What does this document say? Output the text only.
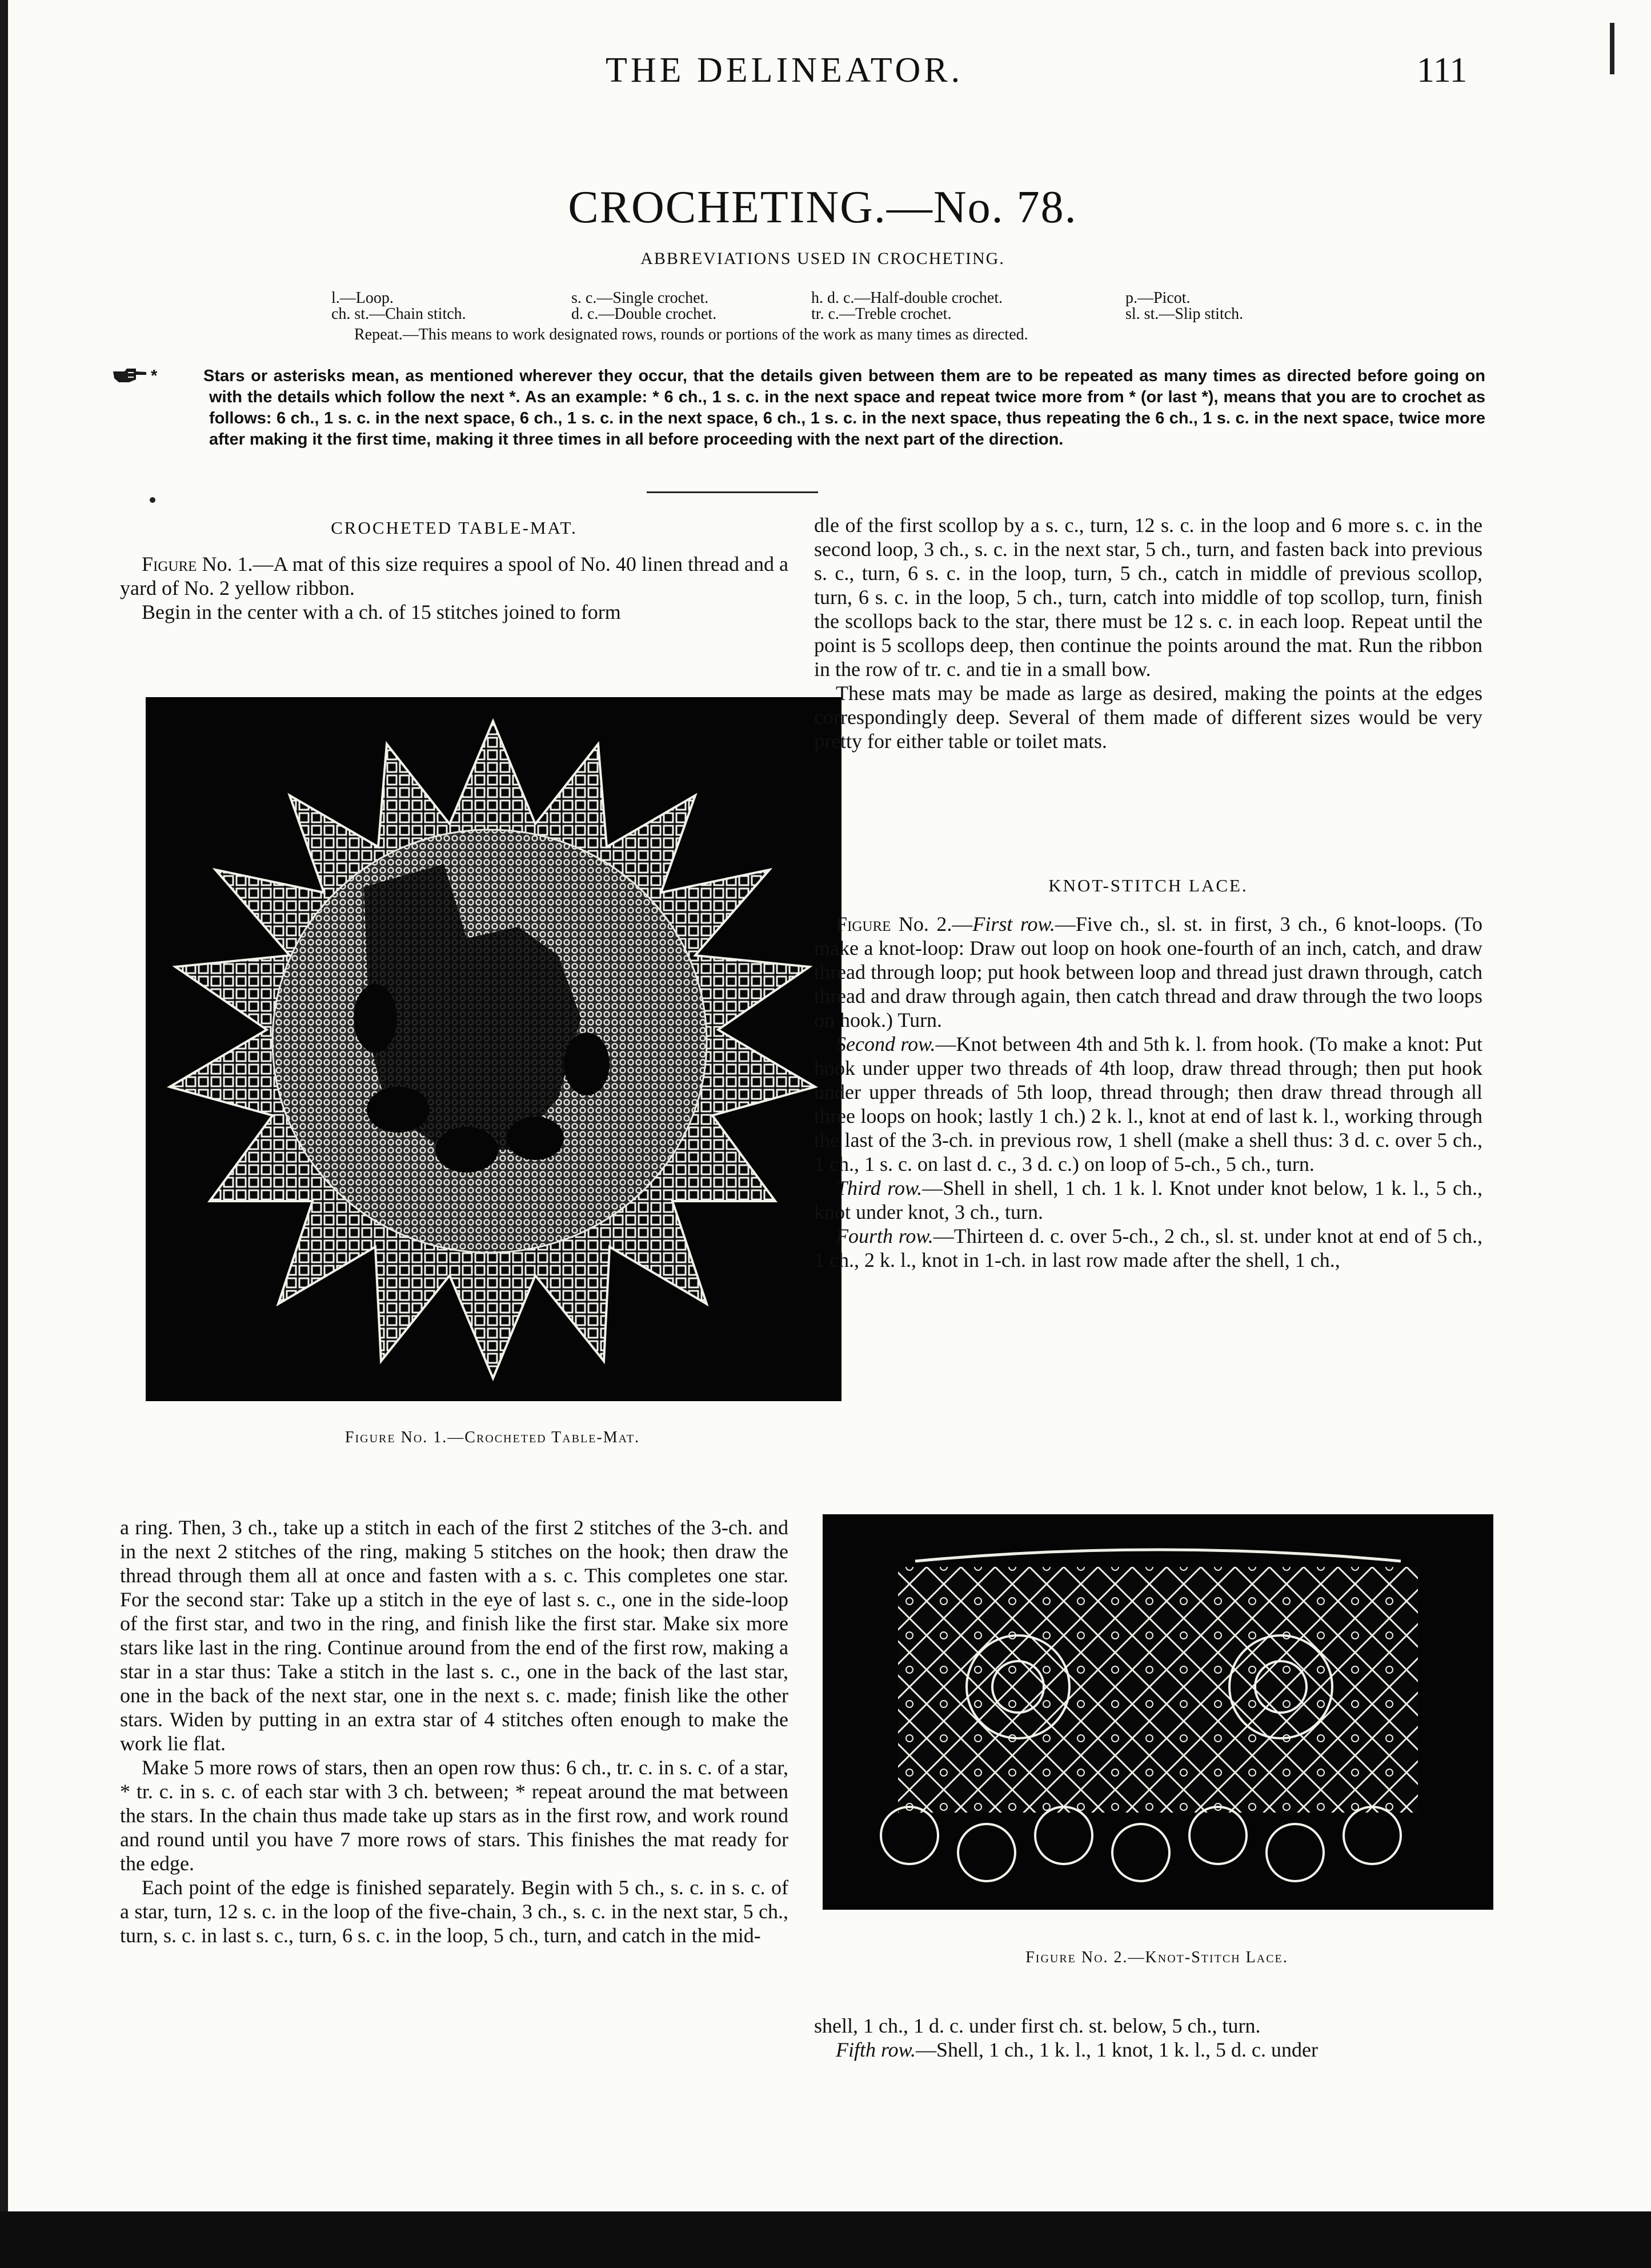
THE DELINEATOR.	111
CROCHETING.—No. 78.
ABBREVIATIONS USED IN CROCHETING.
l.—Loop.	s. c.—Single crochet.	h. d. c.—Half-double crochet.	p.—Picot.
ch. st.—Chain stitch.	d. c.—Double crochet.	tr. c.—Treble crochet.	sl. st.—Slip stitch.
Repeat.—This means to work designated rows, rounds or portions of the work as many times as directed.
*	Stars or asterisks mean, as mentioned wherever they occur, that the details given between them are to be repeated as many times as directed before going on with the details which follow the next *. As an example: * 6 ch., 1 s. c. in the next space and repeat twice more from * (or last *), means that you are to crochet as follows: 6 ch., 1 s. c. in the next space, 6 ch., 1 s. c. in the next space, 6 ch., 1 s. c. in the next space, thus repeating the 6 ch., 1 s. c. in the next space, twice more after making it the first time, making it three times in all before proceeding with the next part of the direction.

CROCHETED TABLE-MAT.

Figure No. 1.—A mat of this size requires a spool of No. 40 linen thread and a yard of No. 2 yellow ribbon.

Begin in the center with a ch. of 15 stitches joined to form

Figure No. 1.—Crocheted Table-Mat.

a ring. Then, 3 ch., take up a stitch in each of the first 2 stitches of the 3-ch. and in the next 2 stitches of the ring, making 5 stitches on the hook; then draw the thread through them all at once and fasten with a s. c. This completes one star. For the second star: Take up a stitch in the eye of last s. c., one in the side-loop of the first star, and two in the ring, and finish like the first star. Make six more stars like last in the ring. Continue around from the end of the first row, making a star in a star thus: Take a stitch in the last s. c., one in the back of the last star, one in the back of the next star, one in the next s. c. made; finish like the other stars. Widen by putting in an extra star of 4 stitches often enough to make the work lie flat.

Make 5 more rows of stars, then an open row thus: 6 ch., tr. c. in s. c. of a star, * tr. c. in s. c. of each star with 3 ch. between; * repeat around the mat between the stars. In the chain thus made take up stars as in the first row, and work round and round until you have 7 more rows of stars. This finishes the mat ready for the edge.

Each point of the edge is finished separately. Begin with 5 ch., s. c. in s. c. of a star, turn, 12 s. c. in the loop of the five-chain, 3 ch., s. c. in the next star, 5 ch., turn, s. c. in last s. c., turn, 6 s. c. in the loop, 5 ch., turn, and catch in the mid-

dle of the first scollop by a s. c., turn, 12 s. c. in the loop and 6 more s. c. in the second loop, 3 ch., s. c. in the next star, 5 ch., turn, and fasten back into previous s. c., turn, 6 s. c. in the loop, turn, 5 ch., catch in middle of previous scollop, turn, 6 s. c. in the loop, 5 ch., turn, catch into middle of top scollop, turn, finish the scollops back to the star, there must be 12 s. c. in each loop. Repeat until the point is 5 scollops deep, then continue the points around the mat. Run the ribbon in the row of tr. c. and tie in a small bow.

These mats may be made as large as desired, making the points at the edges correspondingly deep. Several of them made of different sizes would be very pretty for either table or toilet mats.

KNOT-STITCH LACE.

Figure No. 2.—First row.—Five ch., sl. st. in first, 3 ch., 6 knot-loops. (To make a knot-loop: Draw out loop on hook one-fourth of an inch, catch, and draw thread through loop; put hook between loop and thread just drawn through, catch thread and draw through again, then catch thread and draw through the two loops on hook.) Turn.

Second row.—Knot between 4th and 5th k. l. from hook. (To make a knot: Put hook under upper two threads of 4th loop, draw thread through; then put hook under upper threads of 5th loop, thread through; then draw thread through all three loops on hook; lastly 1 ch.) 2 k. l., knot at end of last k. l., working through the last of the 3-ch. in previous row, 1 shell (make a shell thus: 3 d. c. over 5 ch., 1 ch., 1 s. c. on last d. c., 3 d. c.) on loop of 5-ch., 5 ch., turn.

Third row.—Shell in shell, 1 ch. 1 k. l. Knot under knot below, 1 k. l., 5 ch., knot under knot, 3 ch., turn.

Fourth row.—Thirteen d. c. over 5-ch., 2 ch., sl. st. under knot at end of 5 ch., 1 ch., 2 k. l., knot in 1-ch. in last row made after the shell, 1 ch.,

Figure No. 2.—Knot-Stitch Lace.

shell, 1 ch., 1 d. c. under first ch. st. below, 5 ch., turn.

Fifth row.—Shell, 1 ch., 1 k. l., 1 knot, 1 k. l., 5 d. c. under
